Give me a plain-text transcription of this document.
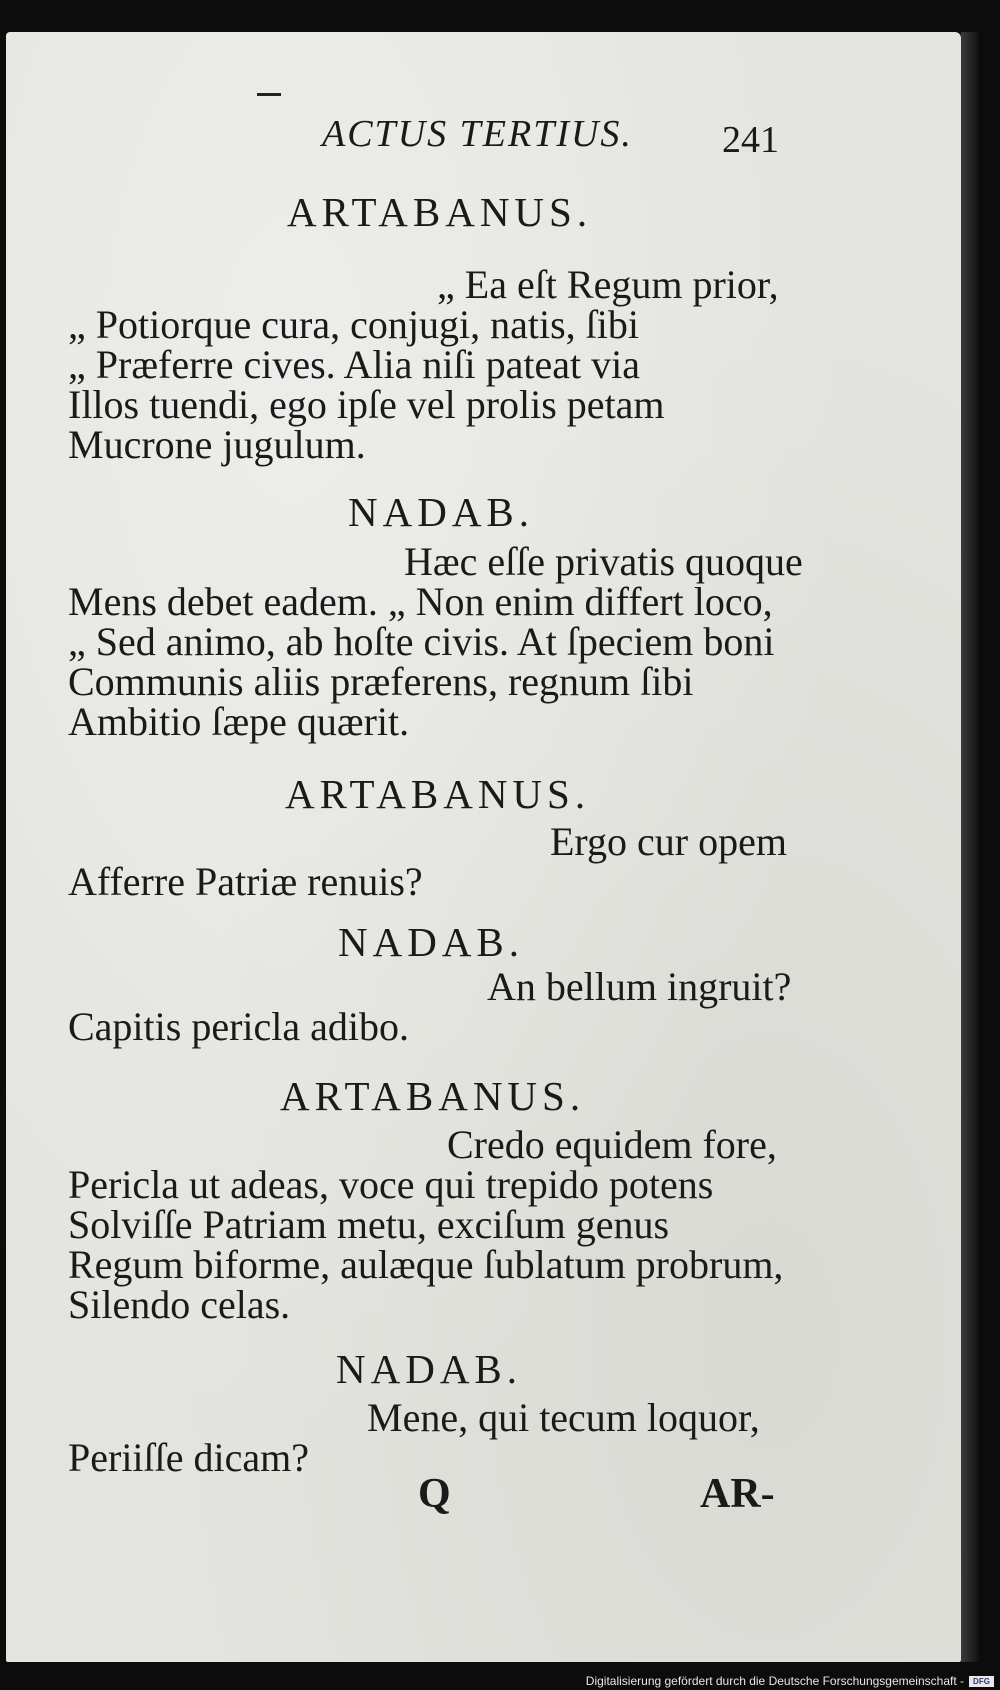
ACTUS TERTIUS. 241
ARTABANUS.
„ Ea eſt Regum prior,
„ Potiorque cura, conjugi, natis, ſibi
„ Præferre cives. Alia niſi pateat via
Illos tuendi, ego ipſe vel prolis petam
Mucrone jugulum.
NADAB.
Hæc eſſe privatis quoque
Mens debet eadem. „ Non enim differt loco,
„ Sed animo, ab hoſte civis. At ſpeciem boni
Communis aliis præferens, regnum ſibi
Ambitio ſæpe quærit.
ARTABANUS.
Ergo cur opem
Afferre Patriæ renuis?
NADAB.
An bellum ingruit?
Capitis pericla adibo.
ARTABANUS.
Credo equidem fore,
Pericla ut adeas, voce qui trepido potens
Solviſſe Patriam metu, exciſum genus
Regum biforme, aulæque ſublatum probrum,
Silendo celas.
NADAB.
Mene, qui tecum loquor,
Periiſſe dicam?
Q	AR-
Digitalisierung gefördert durch die Deutsche Forschungsgemeinschaft -	DFG
